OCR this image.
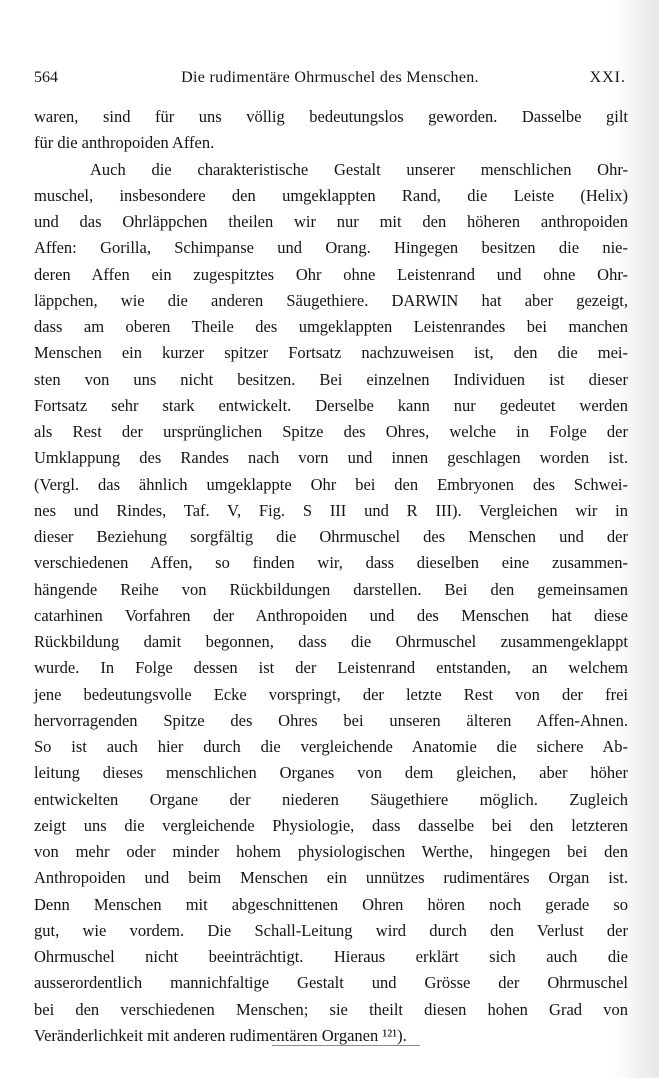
564	Die rudimentäre Ohrmuschel des Menschen.	XXI.
waren, sind für uns völlig bedeutungslos geworden. Dasselbe gilt
für die anthropoiden Affen.
Auch die charakteristische Gestalt unserer menschlichen Ohr-
muschel, insbesondere den umgeklappten Rand, die Leiste (Helix)
und das Ohrläppchen theilen wir nur mit den höheren anthropoiden
Affen: Gorilla, Schimpanse und Orang. Hingegen besitzen die nie-
deren Affen ein zugespitztes Ohr ohne Leistenrand und ohne Ohr-
läppchen, wie die anderen Säugethiere. DARWIN hat aber gezeigt,
dass am oberen Theile des umgeklappten Leistenrandes bei manchen
Menschen ein kurzer spitzer Fortsatz nachzuweisen ist, den die mei-
sten von uns nicht besitzen. Bei einzelnen Individuen ist dieser
Fortsatz sehr stark entwickelt. Derselbe kann nur gedeutet werden
als Rest der ursprünglichen Spitze des Ohres, welche in Folge der
Umklappung des Randes nach vorn und innen geschlagen worden ist.
(Vergl. das ähnlich umgeklappte Ohr bei den Embryonen des Schwei-
nes und Rindes, Taf. V, Fig. S III und R III). Vergleichen wir in
dieser Beziehung sorgfältig die Ohrmuschel des Menschen und der
verschiedenen Affen, so finden wir, dass dieselben eine zusammen-
hängende Reihe von Rückbildungen darstellen. Bei den gemeinsamen
catarhinen Vorfahren der Anthropoiden und des Menschen hat diese
Rückbildung damit begonnen, dass die Ohrmuschel zusammengeklappt
wurde. In Folge dessen ist der Leistenrand entstanden, an welchem
jene bedeutungsvolle Ecke vorspringt, der letzte Rest von der frei
hervorragenden Spitze des Ohres bei unseren älteren Affen-Ahnen.
So ist auch hier durch die vergleichende Anatomie die sichere Ab-
leitung dieses menschlichen Organes von dem gleichen, aber höher
entwickelten Organe der niederen Säugethiere möglich. Zugleich
zeigt uns die vergleichende Physiologie, dass dasselbe bei den letzteren
von mehr oder minder hohem physiologischen Werthe, hingegen bei den
Anthropoiden und beim Menschen ein unnützes rudimentäres Organ ist.
Denn Menschen mit abgeschnittenen Ohren hören noch gerade so
gut, wie vordem. Die Schall-Leitung wird durch den Verlust der
Ohrmuschel nicht beeinträchtigt. Hieraus erklärt sich auch die
ausserordentlich mannichfaltige Gestalt und Grösse der Ohrmuschel
bei den verschiedenen Menschen; sie theilt diesen hohen Grad von
Veränderlichkeit mit anderen rudimentären Organen ¹²¹).
